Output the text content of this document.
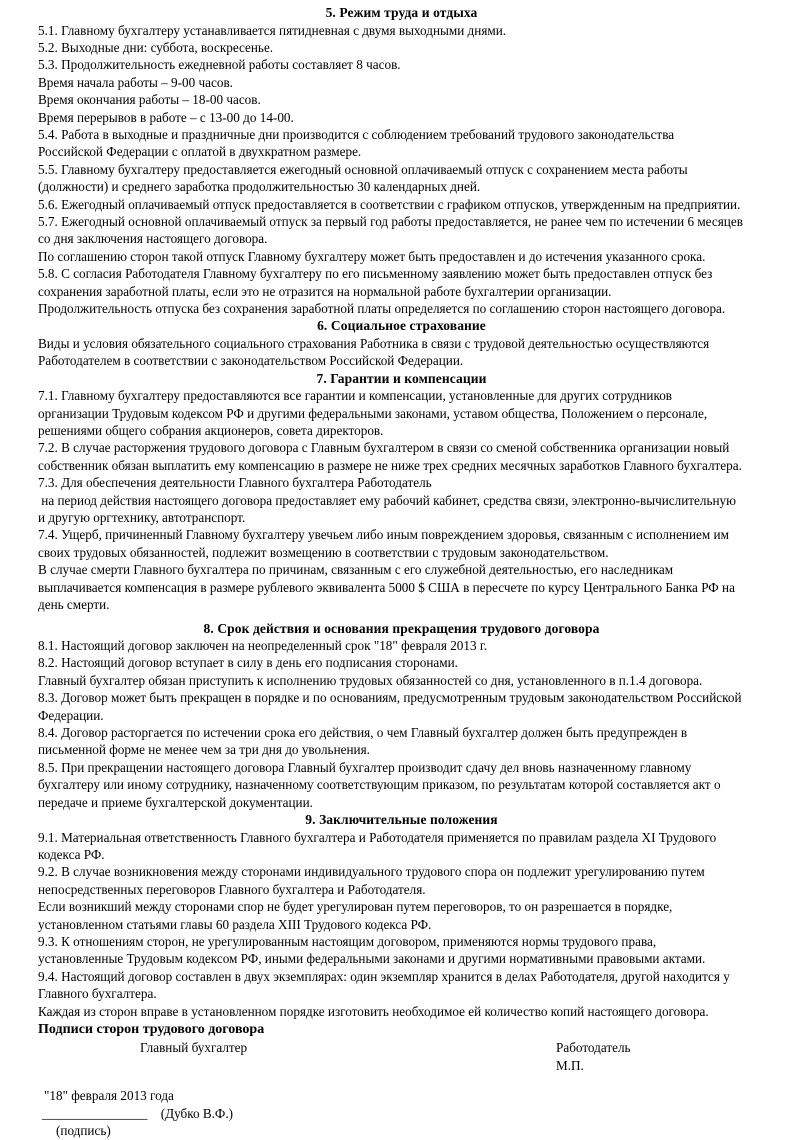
5. Режим труда и отдыха

5.1. Главному бухгалтеру устанавливается пятидневная с двумя выходными днями.

5.2. Выходные дни: суббота, воскресенье.

5.3. Продолжительность ежедневной работы составляет 8 часов.

Время начала работы – 9-00 часов.

Время окончания работы – 18-00 часов.

Время перерывов в работе – с 13-00 до 14-00.

5.4. Работа в выходные и праздничные дни производится с соблюдением требований трудового законодательства
Российской Федерации с оплатой в двухкратном размере.

5.5. Главному бухгалтеру предоставляется ежегодный основной оплачиваемый отпуск с сохранением места работы
(должности) и среднего заработка продолжительностью 30 календарных дней.

5.6. Ежегодный оплачиваемый отпуск предоставляется в соответствии с графиком отпусков, утвержденным на предприятии.

5.7. Ежегодный основной оплачиваемый отпуск за первый год работы предоставляется, не ранее чем по истечении 6 месяцев
со дня заключения настоящего договора.

По соглашению сторон такой отпуск Главному бухгалтеру может быть предоставлен и до истечения указанного срока.

5.8. С согласия Работодателя Главному бухгалтеру по его письменному заявлению может быть предоставлен отпуск без
сохранения заработной платы, если это не отразится на нормальной работе бухгалтерии организации.

Продолжительность отпуска без сохранения заработной платы определяется по соглашению сторон настоящего договора.

6. Социальное страхование

Виды и условия обязательного социального страхования Работника в связи с трудовой деятельностью осуществляются
Работодателем в соответствии с законодательством Российской Федерации.

7. Гарантии и компенсации

7.1. Главному бухгалтеру предоставляются все гарантии и компенсации, установленные для других сотрудников
организации Трудовым кодексом РФ и другими федеральными законами, уставом общества, Положением о персонале,
решениями общего собрания акционеров, совета директоров.

7.2. В случае расторжения трудового договора с Главным бухгалтером в связи со сменой собственника организации новый
собственник обязан выплатить ему компенсацию в размере не ниже трех средних месячных заработков Главного бухгалтера.

7.3. Для обеспечения деятельности Главного бухгалтера Работодатель
на период действия настоящего договора предоставляет ему рабочий кабинет, средства связи, электронно-вычислительную
и другую оргтехнику, автотранспорт.

7.4. Ущерб, причиненный Главному бухгалтеру увечьем либо иным повреждением здоровья, связанным с исполнением им
своих трудовых обязанностей, подлежит возмещению в соответствии с трудовым законодательством.

В случае смерти Главного бухгалтера по причинам, связанным с его служебной деятельностью, его наследникам
выплачивается компенсация в размере рублевого эквивалента 5000 $ США в пересчете по курсу Центрального Банка РФ на
день смерти.

8. Срок действия и основания прекращения трудового договора

8.1. Настоящий договор заключен на неопределенный срок "18" февраля 2013 г.

8.2. Настоящий договор вступает в силу в день его подписания сторонами.

Главный бухгалтер обязан приступить к исполнению трудовых обязанностей со дня, установленного в п.1.4 договора.

8.3. Договор может быть прекращен в порядке и по основаниям, предусмотренным трудовым законодательством Российской
Федерации.

8.4. Договор расторгается по истечении срока его действия, о чем Главный бухгалтер должен быть предупрежден в
письменной форме не менее чем за три дня до увольнения.

8.5. При прекращении настоящего договора Главный бухгалтер производит сдачу дел вновь назначенному главному
бухгалтеру или иному сотруднику, назначенному соответствующим приказом, по результатам которой составляется акт о
передаче и приеме бухгалтерской документации.

9. Заключительные положения

9.1. Материальная ответственность Главного бухгалтера и Работодателя применяется по правилам раздела XI Трудового
кодекса РФ.

9.2. В случае возникновения между сторонами индивидуального трудового спора он подлежит урегулированию путем
непосредственных переговоров Главного бухгалтера и Работодателя.

Если возникший между сторонами спор не будет урегулирован путем переговоров, то он разрешается в порядке,
установленном статьями главы 60 раздела XIII Трудового кодекса РФ.

9.3. К отношениям сторон, не урегулированным настоящим договором, применяются нормы трудового права,
установленные Трудовым кодексом РФ, иными федеральными законами и другими нормативными правовыми актами.

9.4. Настоящий договор составлен в двух экземплярах: один экземпляр хранится в делах Работодателя, другой находится у
Главного бухгалтера.

Каждая из сторон вправе в установленном порядке изготовить необходимое ей количество копий настоящего договора.

Подписи сторон трудового договора
Главный бухгалтер	Работодатель
М.П.
"18" февраля 2013 года
________________    (Дубко В.Ф.)
(подпись)
